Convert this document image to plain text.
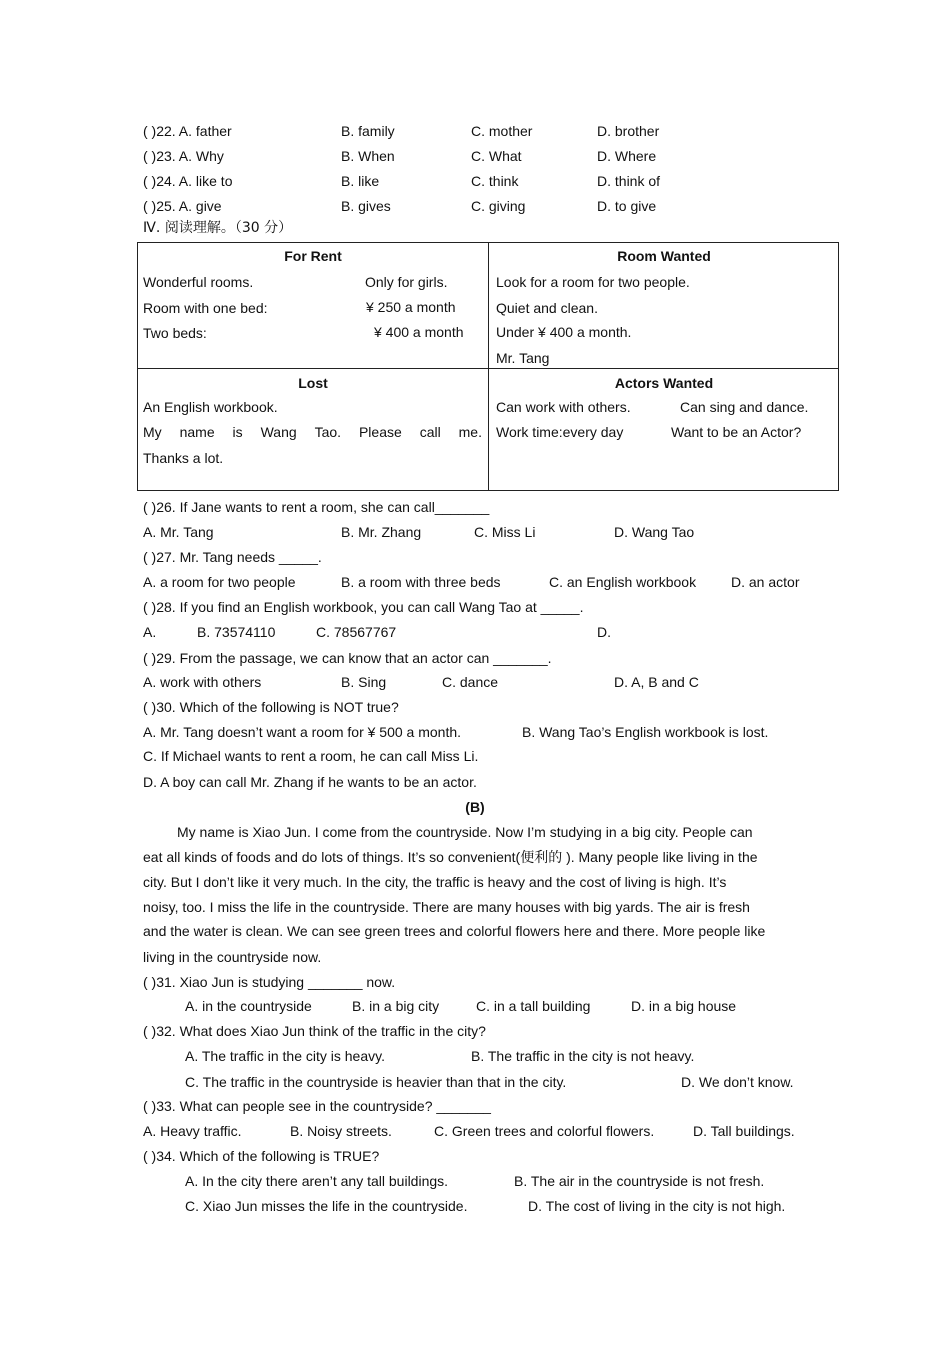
( )22. A. father	B. family	C. mother	D. brother
( )23. A. Why	B. When	C. What	D. Where
( )24. A. like to	B. like	C. think	D. think of
( )25. A. give	B. gives	C. giving	D. to give
Ⅳ. 阅读理解。（30 分）
For Rent
Wonderful rooms.	Only for girls.
Room with one bed:	¥ 250 a month
Two beds:	¥ 400 a month
Room Wanted
Look for a room for two people.
Quiet and clean.
Under ¥ 400 a month.
Mr. Tang
Lost
An English workbook.
My name is Wang Tao. Please call me.
Thanks a lot.
Actors Wanted
Can work with others.	Can sing and dance.
Work time:every day	Want to be an Actor?
( )26. If Jane wants to rent a room, she can call_______
A. Mr. Tang	B. Mr. Zhang	C. Miss Li	D. Wang Tao
( )27. Mr. Tang needs _____.
A. a room for two people	B. a room with three beds	C. an English workbook D. an actor
( )28. If you find an English workbook, you can call Wang Tao at _____.
A.	B. 73574110	C. 78567767	D.
( )29. From the passage, we can know that an actor can _______.
A. work with others	B. Sing	C. dance	D. A, B and C
( )30. Which of the following is NOT true?
A. Mr. Tang doesn’t want a room for ¥ 500 a month.	B. Wang Tao’s English workbook is lost.
C. If Michael wants to rent a room, he can call Miss Li.
D. A boy can call Mr. Zhang if he wants to be an actor.
(B)
My name is Xiao Jun. I come from the countryside. Now I’m studying in a big city. People can
eat all kinds of foods and do lots of things. It’s so convenient(便利的 ). Many people like living in the
city. But I don’t like it very much. In the city, the traffic is heavy and the cost of living is high. It’s
noisy, too. I miss the life in the countryside. There are many houses with big yards. The air is fresh
and the water is clean. We can see green trees and colorful flowers here and there. More people like
living in the countryside now.
( )31. Xiao Jun is studying _______ now.
A. in the countryside	B. in a big city	C. in a tall building	D. in a big house
( )32. What does Xiao Jun think of the traffic in the city?
A. The traffic in the city is heavy.	B. The traffic in the city is not heavy.
C. The traffic in the countryside is heavier than that in the city.	D. We don’t know.
( )33. What can people see in the countryside? _______
A. Heavy traffic.	B. Noisy streets.	C. Green trees and colorful flowers.	D. Tall buildings.
( )34. Which of the following is TRUE?
A. In the city there aren’t any tall buildings.	B. The air in the countryside is not fresh.
C. Xiao Jun misses the life in the countryside.	D. The cost of living in the city is not high.
